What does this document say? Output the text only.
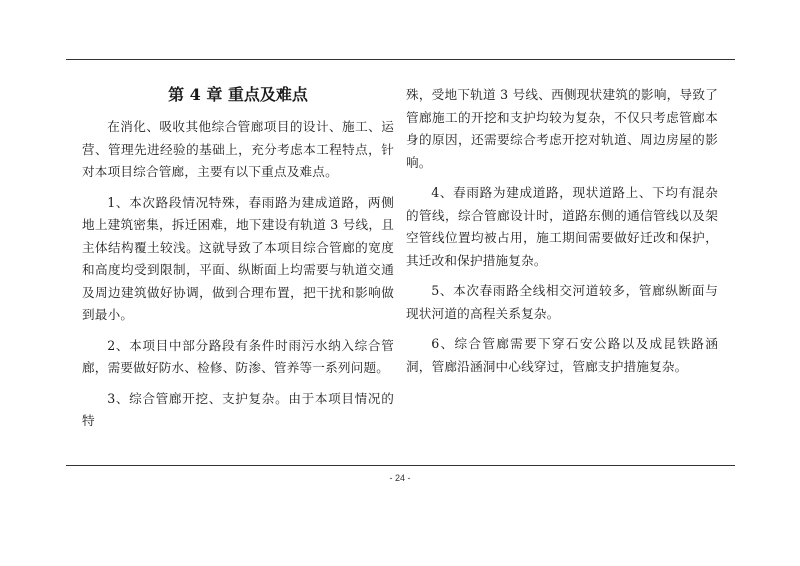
第 4 章 重点及难点

在消化、吸收其他综合管廊项目的设计、施工、运营、管理先进经验的基础上，充分考虑本工程特点，针对本项目综合管廊，主要有以下重点及难点。

1、本次路段情况特殊，春雨路为建成道路，两侧地上建筑密集，拆迁困难，地下建设有轨道 3 号线，且主体结构覆土较浅。这就导致了本项目综合管廊的宽度和高度均受到限制，平面、纵断面上均需要与轨道交通及周边建筑做好协调，做到合理布置，把干扰和影响做到最小。

2、本项目中部分路段有条件时雨污水纳入综合管廊，需要做好防水、检修、防渗、管养等一系列问题。

3、综合管廊开挖、支护复杂。由于本项目情况的特

殊，受地下轨道 3 号线、西侧现状建筑的影响，导致了管廊施工的开挖和支护均较为复杂，不仅只考虑管廊本身的原因，还需要综合考虑开挖对轨道、周边房屋的影响。

4、春雨路为建成道路，现状道路上、下均有混杂的管线，综合管廊设计时，道路东侧的通信管线以及架空管线位置均被占用，施工期间需要做好迁改和保护，其迁改和保护措施复杂。

5、本次春雨路全线相交河道较多，管廊纵断面与现状河道的高程关系复杂。

6、综合管廊需要下穿石安公路以及成昆铁路涵洞，管廊沿涵洞中心线穿过，管廊支护措施复杂。

- 24 -
